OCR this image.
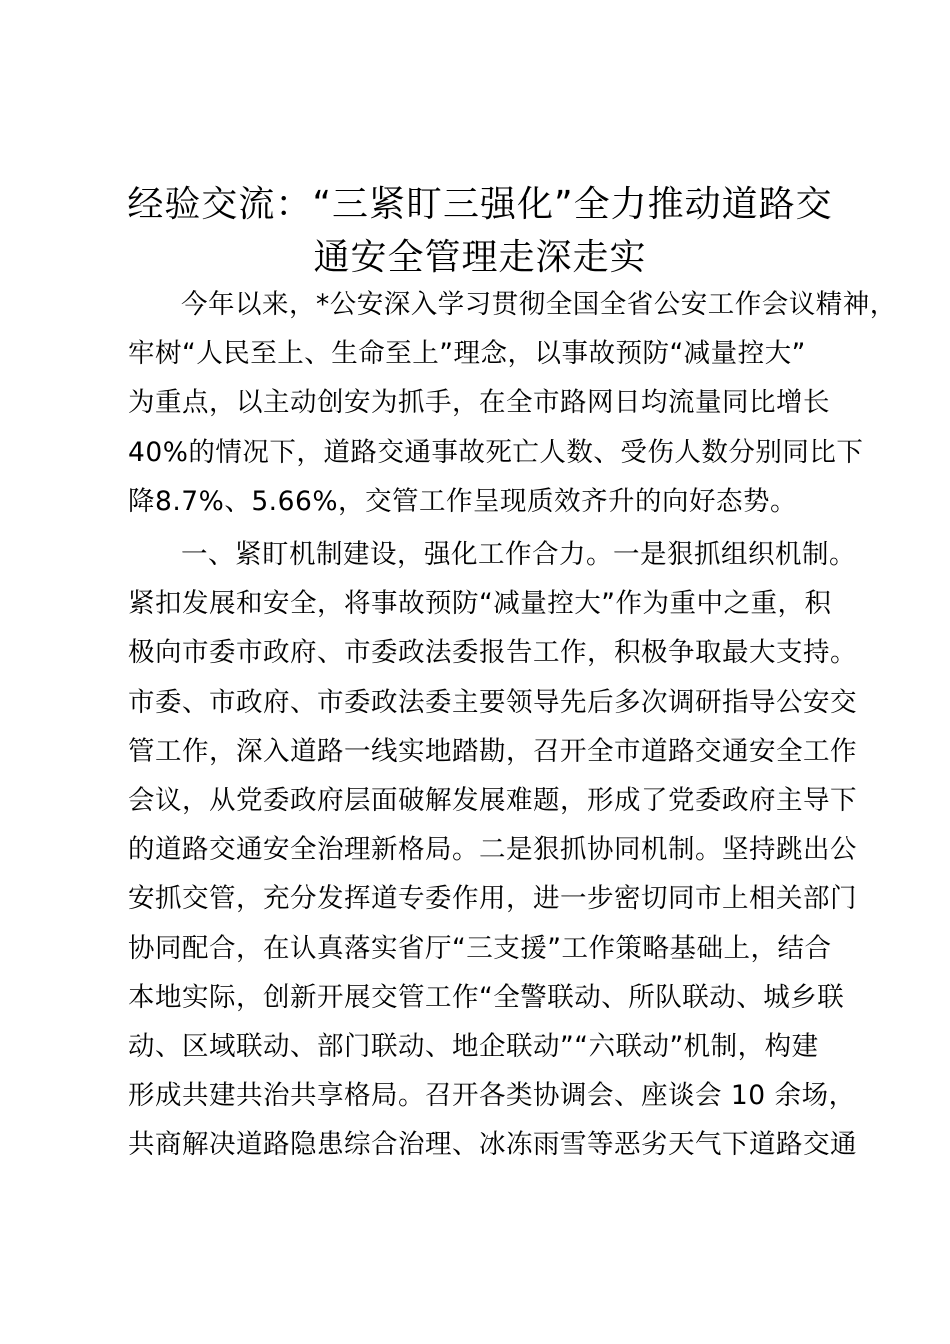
经验交流：“三紧盯三强化”全力推动道路交
通安全管理走深走实
今年以来，*公安深入学习贯彻全国全省公安工作会议精神，
牢树“人民至上、生命至上”理念，以事故预防“减量控大”
为重点，以主动创安为抓手，在全市路网日均流量同比增长
40%的情况下，道路交通事故死亡人数、受伤人数分别同比下
降8.7%、5.66%，交管工作呈现质效齐升的向好态势。
一、紧盯机制建设，强化工作合力。一是狠抓组织机制。
紧扣发展和安全，将事故预防“减量控大”作为重中之重，积
极向市委市政府、市委政法委报告工作，积极争取最大支持。
市委、市政府、市委政法委主要领导先后多次调研指导公安交
管工作，深入道路一线实地踏勘，召开全市道路交通安全工作
会议，从党委政府层面破解发展难题，形成了党委政府主导下
的道路交通安全治理新格局。二是狠抓协同机制。坚持跳出公
安抓交管，充分发挥道专委作用，进一步密切同市上相关部门
协同配合，在认真落实省厅“三支援”工作策略基础上，结合
本地实际，创新开展交管工作“全警联动、所队联动、城乡联
动、区域联动、部门联动、地企联动”“六联动”机制，构建
形成共建共治共享格局。召开各类协调会、座谈会 10 余场，
共商解决道路隐患综合治理、冰冻雨雪等恶劣天气下道路交通
